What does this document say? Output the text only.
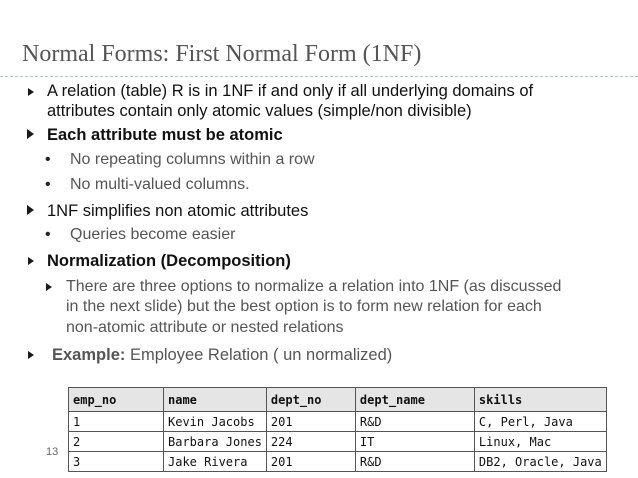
Normal Forms: First Normal Form (1NF)
A relation (table) R is in 1NF if and only if all underlying domains of
attributes contain only atomic values (simple/non divisible)
Each attribute must be atomic
• No repeating columns within a row
• No multi-valued columns.
1NF simplifies non atomic attributes
• Queries become easier
Normalization (Decomposition)
There are three options to normalize a relation into 1NF (as discussed
in the next slide) but the best option is to form new relation for each
non-atomic attribute or nested relations
Example: Employee Relation ( un normalized)
emp_no	name	dept_no	dept_name	skills
1	Kevin Jacobs	201	R&D	C, Perl, Java
2	Barbara Jones	224	IT	Linux, Mac
3	Jake Rivera	201	R&D	DB2, Oracle, Java
13
